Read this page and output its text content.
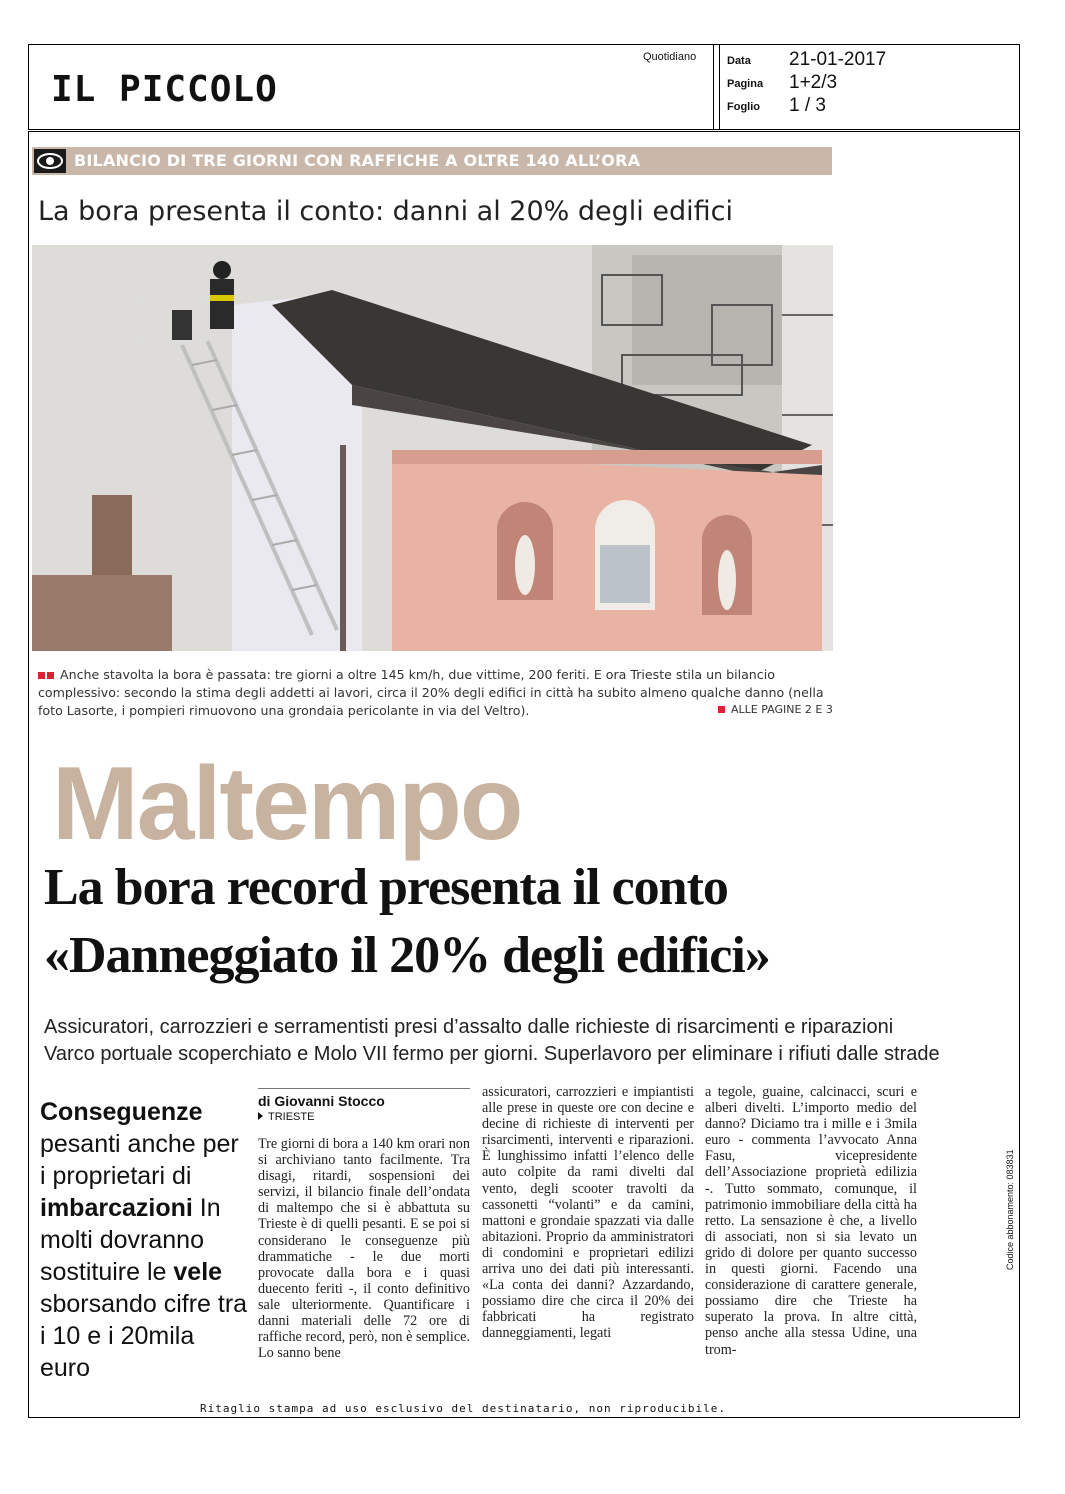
IL PICCOLO
Quotidiano	Data 21-01-2017
Pagina 1+2/3
Foglio 1 / 3
BILANCIO DI TRE GIORNI CON RAFFICHE A OLTRE 140 ALL’ORA
La bora presenta il conto: danni al 20% degli edifici
Anche stavolta la bora è passata: tre giorni a oltre 145 km/h, due vittime, 200 feriti. E ora Trieste stila un bilancio complessivo: secondo la stima degli addetti ai lavori, circa il 20% degli edifici in città ha subito almeno qualche danno (nella foto Lasorte, i pompieri rimuovono una grondaia pericolante in via del Veltro).	ALLE PAGINE 2 E 3
Maltempo
La bora record presenta il conto
«Danneggiato il 20% degli edifici»
Assicuratori, carrozzieri e serramentisti presi d’assalto dalle richieste di risarcimenti e riparazioni
Varco portuale scoperchiato e Molo VII fermo per giorni. Superlavoro per eliminare i rifiuti dalle strade
Conseguenze pesanti anche per i proprietari di imbarcazioni In molti dovranno sostituire le vele sborsando cifre tra i 10 e i 20mila euro
di Giovanni Stocco
TRIESTE

Tre giorni di bora a 140 km orari non si archiviano tanto facilmente. Tra disagi, ritardi, sospensioni dei servizi, il bilancio finale dell’ondata di maltempo che si è abbattuta su Trieste è di quelli pesanti. E se poi si considerano le conseguenze più drammatiche - le due morti provocate dalla bora e i quasi duecento feriti -, il conto definitivo sale ulteriormente. Quantificare i danni materiali delle 72 ore di raffiche record, però, non è semplice. Lo sanno bene

assicuratori, carrozzieri e impiantisti alle prese in queste ore con decine e decine di richieste di interventi per risarcimenti, interventi e riparazioni. È lunghissimo infatti l’elenco delle auto colpite da rami divelti dal vento, degli scooter travolti da cassonetti “volanti” e da camini, mattoni e grondaie spazzati via dalle abitazioni. Proprio da amministratori di condomini e proprietari edilizi arriva uno dei dati più interessanti. «La conta dei danni? Azzardando, possiamo dire che circa il 20% dei fabbricati ha registrato danneggiamenti, legati

a tegole, guaine, calcinacci, scuri e alberi divelti. L’importo medio del danno? Diciamo tra i mille e i 3mila euro - commenta l’avvocato Anna Fasu, vicepresidente dell’Associazione proprietà edilizia -. Tutto sommato, comunque, il patrimonio immobiliare della città ha retto. La sensazione è che, a livello di associati, non si sia levato un grido di dolore per quanto successo in questi giorni. Facendo una considerazione di carattere generale, possiamo dire che Trieste ha superato la prova. In altre città, penso anche alla stessa Udine, una trom-

Ritaglio stampa ad uso esclusivo del destinatario, non riproducibile.
Codice abbonamento: 083831
